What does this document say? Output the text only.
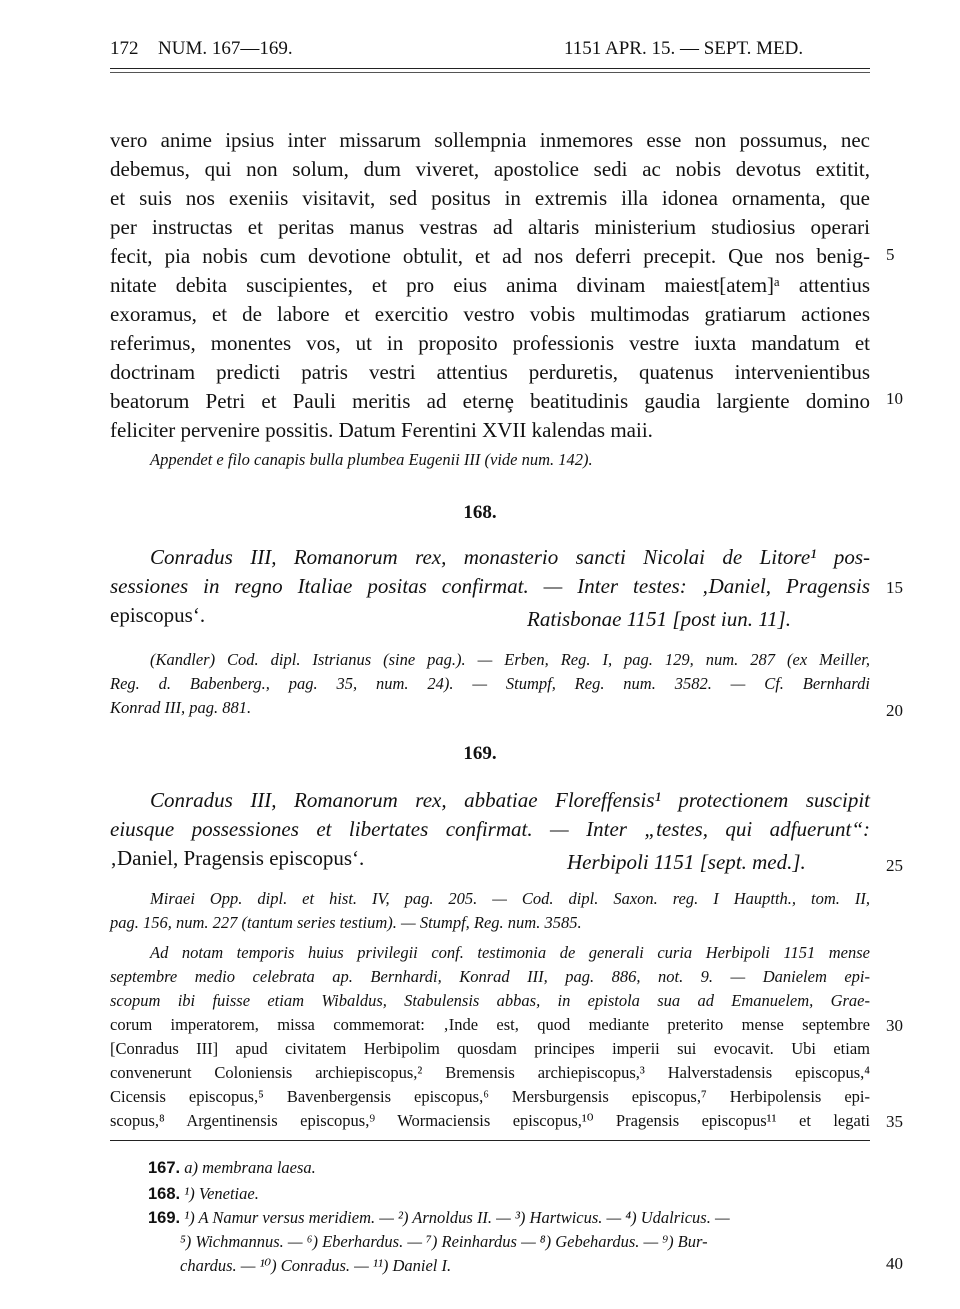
172 NUM. 167—169.	1151 APR. 15. — SEPT. MED.
vero anime ipsius inter missarum sollempnia inmemores esse non possumus, nec
debemus, qui non solum, dum viveret, apostolice sedi ac nobis devotus extitit,
et suis nos exeniis visitavit, sed positus in extremis illa idonea ornamenta, que
per instructas et peritas manus vestras ad altaris ministerium studiosius operari
fecit, pia nobis cum devotione obtulit, et ad nos deferri precepit. Que nos benig-
nitate debita suscipientes, et pro eius anima divinam maiest[atem]ᵃ attentius
exoramus, et de labore et exercitio vestro vobis multimodas gratiarum actiones
referimus, monentes vos, ut in proposito professionis vestre iuxta mandatum et
doctrinam predicti patris vestri attentius perduretis, quatenus intervenientibus
beatorum Petri et Pauli meritis ad eternȩ beatitudinis gaudia largiente domino
feliciter pervenire possitis. Datum Ferentini XVII kalendas maii.
Appendet e filo canapis bulla plumbea Eugenii III (vide num. 142).
168.
Conradus III, Romanorum rex, monasterio sancti Nicolai de Litore¹ pos-
sessiones in regno Italiae positas confirmat. — Inter testes: ‚Daniel, Pragensis
episcopus‘.	Ratisbonae 1151 [post iun. 11].
(Kandler) Cod. dipl. Istrianus (sine pag.). — Erben, Reg. I, pag. 129, num. 287 (ex Meiller,
Reg. d. Babenberg., pag. 35, num. 24). — Stumpf, Reg. num. 3582. — Cf. Bernhardi
Konrad III, pag. 881.
169.
Conradus III, Romanorum rex, abbatiae Floreffensis¹ protectionem suscipit
eiusque possessiones et libertates confirmat. — Inter „testes, qui adfuerunt“:
‚Daniel, Pragensis episcopus‘.	Herbipoli 1151 [sept. med.].
Miraei Opp. dipl. et hist. IV, pag. 205. — Cod. dipl. Saxon. reg. I Hauptth., tom. II,
pag. 156, num. 227 (tantum series testium). — Stumpf, Reg. num. 3585.
Ad notam temporis huius privilegii conf. testimonia de generali curia Herbipoli 1151 mense
septembre medio celebrata ap. Bernhardi, Konrad III, pag. 886, not. 9. — Danielem epi-
scopum ibi fuisse etiam Wibaldus, Stabulensis abbas, in epistola sua ad Emanuelem, Grae-
corum imperatorem, missa commemorat: ‚Inde est, quod mediante preterito mense septembre
[Conradus III] apud civitatem Herbipolim quosdam principes imperii sui evocavit. Ubi etiam
convenerunt Coloniensis archiepiscopus,² Bremensis archiepiscopus,³ Halverstadensis episcopus,⁴
Cicensis episcopus,⁵ Bavenbergensis episcopus,⁶ Mersburgensis episcopus,⁷ Herbipolensis epi-
scopus,⁸ Argentinensis episcopus,⁹ Wormaciensis episcopus,¹⁰ Pragensis episcopus¹¹ et legati
5
10
15
20
25
30
35
40
167. a) membrana laesa.
168. ¹) Venetiae.
169. ¹) A Namur versus meridiem. — ²) Arnoldus II. — ³) Hartwicus. — ⁴) Udalricus. —
⁵) Wichmannus. — ⁶) Eberhardus. — ⁷) Reinhardus — ⁸) Gebehardus. — ⁹) Bur-
chardus. — ¹⁰) Conradus. — ¹¹) Daniel I.
